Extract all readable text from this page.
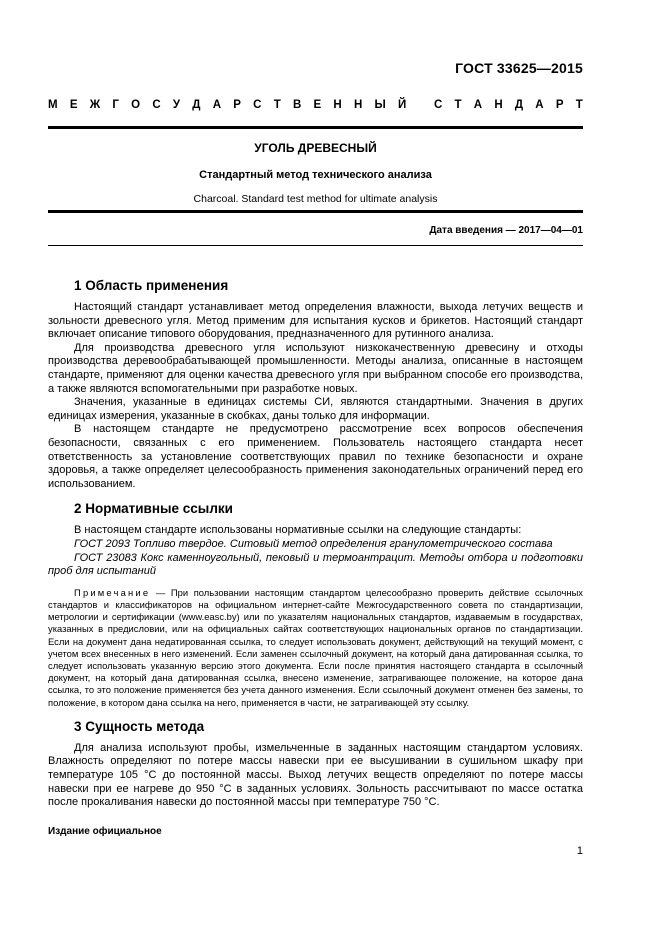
ГОСТ 33625—2015
М Е Ж Г О С У Д А Р С Т В Е Н Н Ы Й
С Т А Н Д А Р Т
УГОЛЬ ДРЕВЕСНЫЙ
Стандартный метод технического анализа
Charcoal. Standard test method for ultimate analysis
Дата введения — 2017—04—01
1 Область применения

Настоящий стандарт устанавливает метод определения влажности, выхода летучих веществ и зольности древесного угля. Метод применим для испытания кусков и брикетов. Настоящий стандарт включает описание типового оборудования, предназначенного для рутинного анализа.

Для производства древесного угля используют низкокачественную древесину и отходы производства деревообрабатывающей промышленности. Методы анализа, описанные в настоящем стандарте, применяют для оценки качества древесного угля при выбранном способе его производства, а также являются вспомогательными при разработке новых.

Значения, указанные в единицах системы СИ, являются стандартными. Значения в других единицах измерения, указанные в скобках, даны только для информации.

В настоящем стандарте не предусмотрено рассмотрение всех вопросов обеспечения безопасности, связанных с его применением. Пользователь настоящего стандарта несет ответственность за установление соответствующих правил по технике безопасности и охране здоровья, а также определяет целесообразность применения законодательных ограничений перед его использованием.

2 Нормативные ссылки

В настоящем стандарте использованы нормативные ссылки на следующие стандарты:

ГОСТ 2093 Топливо твердое. Ситовый метод определения гранулометрического состава

ГОСТ 23083 Кокс каменноугольный, пековый и термоантрацит. Методы отбора и подготовки проб для испытаний

Примечание — При пользовании настоящим стандартом целесообразно проверить действие ссылочных стандартов и классификаторов на официальном интернет-сайте Межгосударственного совета по стандартизации, метрологии и сертификации (www.easc.by) или по указателям национальных стандартов, издаваемым в государствах, указанных в предисловии, или на официальных сайтах соответствующих национальных органов по стандартизации. Если на документ дана недатированная ссылка, то следует использовать документ, действующий на текущий момент, с учетом всех внесенных в него изменений. Если заменен ссылочный документ, на который дана датированная ссылка, то следует использовать указанную версию этого документа. Если после принятия настоящего стандарта в ссылочный документ, на который дана датированная ссылка, внесено изменение, затрагивающее положение, на которое дана ссылка, то это положение применяется без учета данного изменения. Если ссылочный документ отменен без замены, то положение, в котором дана ссылка на него, применяется в части, не затрагивающей эту ссылку.
3 Сущность метода

Для анализа используют пробы, измельченные в заданных настоящим стандартом условиях. Влажность определяют по потере массы навески при ее высушивании в сушильном шкафу при температуре 105 °С до постоянной массы. Выход летучих веществ определяют по потере массы навески при ее нагреве до 950 °С в заданных условиях. Зольность рассчитывают по массе остатка после прокаливания навески до постоянной массы при температуре 750 °С.

Издание официальное
1
